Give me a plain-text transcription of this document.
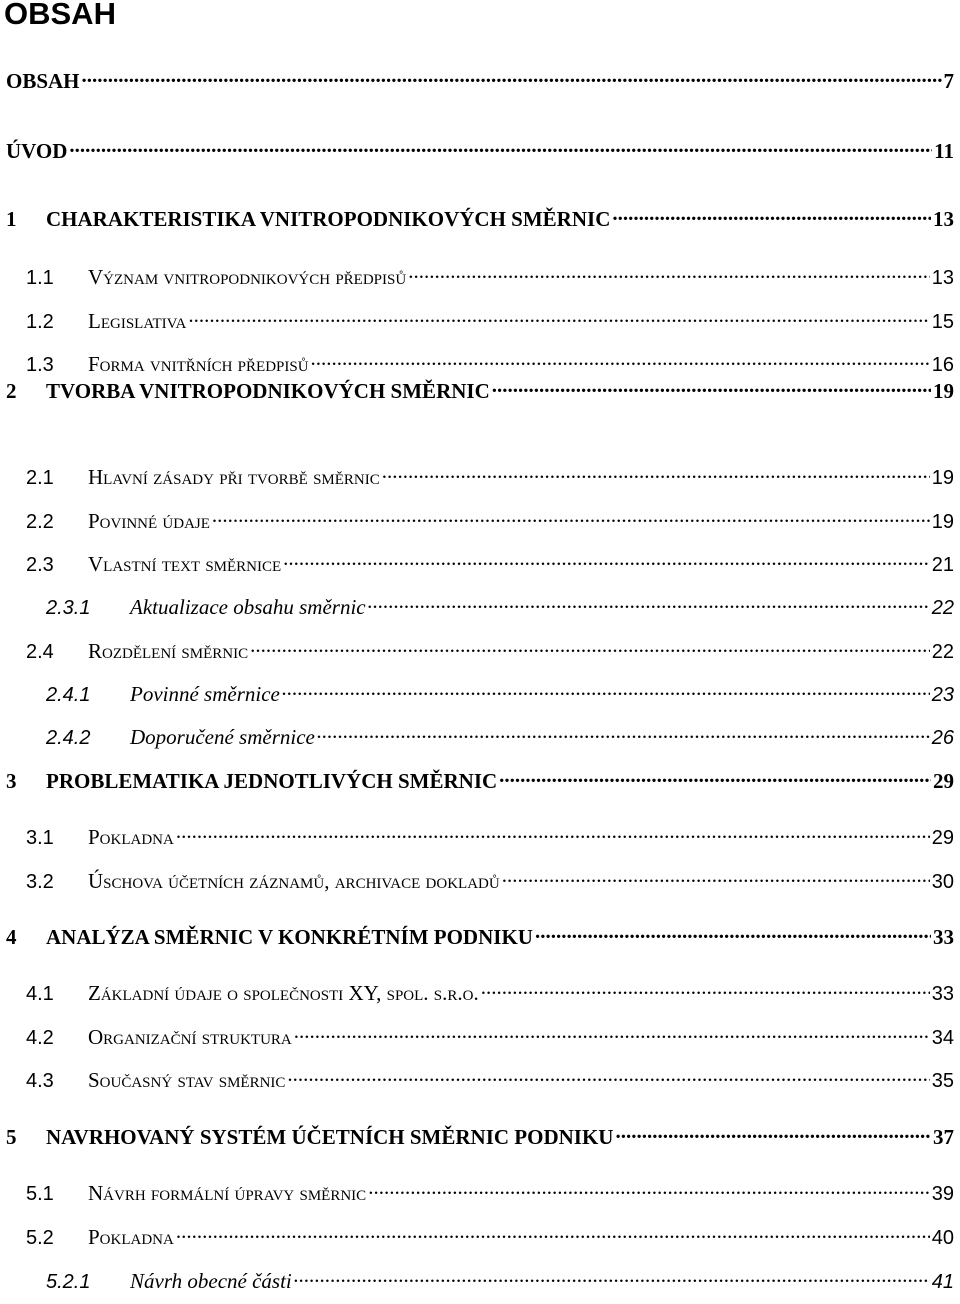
OBSAH
OBSAH .....	7
ÚVOD .....	11
1	CHARAKTERISTIKA VNITROPODNIKOVÝCH SMĚRNIC .....	13
1.1	Význam vnitropodnikových předpisů .....	13
1.2	Legislativa .....	15
1.3	Forma vnitřních předpisů .....	16
2	TVORBA VNITROPODNIKOVÝCH SMĚRNIC .....	19
2.1	Hlavní zásady při tvorbě směrnic .....	19
2.2	Povinné údaje .....	19
2.3	Vlastní text směrnice .....	21
2.3.1	Aktualizace obsahu směrnic .....	22
2.4	Rozdělení směrnic .....	22
2.4.1	Povinné směrnice .....	23
2.4.2	Doporučené směrnice .....	26
3	PROBLEMATIKA JEDNOTLIVÝCH SMĚRNIC .....	29
3.1	Pokladna .....	29
3.2	Úschova účetních záznamů, archivace dokladů .....	30
4	ANALÝZA SMĚRNIC V KONKRÉTNÍM PODNIKU .....	33
4.1	Základní údaje o společnosti XY, spol. s.r.o. .....	33
4.2	Organizační struktura .....	34
4.3	Současný stav směrnic .....	35
5	NAVRHOVANÝ SYSTÉM ÚČETNÍCH SMĚRNIC PODNIKU .....	37
5.1	Návrh formální úpravy směrnic .....	39
5.2	Pokladna .....	40
5.2.1	Návrh obecné části .....	41
